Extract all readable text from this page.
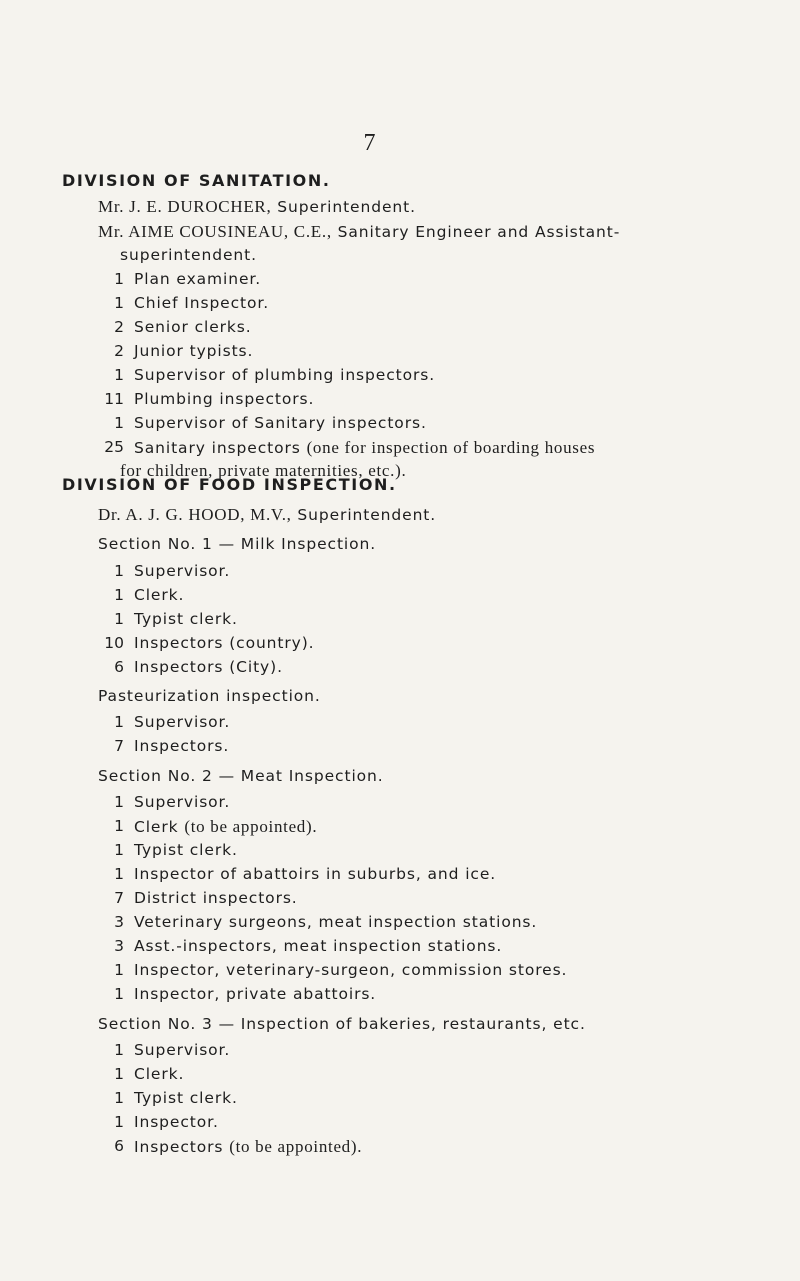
7
DIVISION OF SANITATION.
Mr. J. E. DUROCHER, Superintendent.
Mr. AIME COUSINEAU, C.E., Sanitary Engineer and Assistant-
superintendent.
1 Plan examiner.
1 Chief Inspector.
2 Senior clerks.
2 Junior typists.
1 Supervisor of plumbing inspectors.
11 Plumbing inspectors.
1 Supervisor of Sanitary inspectors.
25 Sanitary inspectors (one for inspection of boarding houses
for children, private maternities, etc.).
DIVISION OF FOOD INSPECTION.
Dr. A. J. G. HOOD, M.V., Superintendent.
Section No. 1 — Milk Inspection.
1 Supervisor.
1 Clerk.
1 Typist clerk.
10 Inspectors (country).
6 Inspectors (City).
Pasteurization inspection.
1 Supervisor.
7 Inspectors.
Section No. 2 — Meat Inspection.
1 Supervisor.
1 Clerk (to be appointed).
1 Typist clerk.
1 Inspector of abattoirs in suburbs, and ice.
7 District inspectors.
3 Veterinary surgeons, meat inspection stations.
3 Asst.-inspectors, meat inspection stations.
1 Inspector, veterinary-surgeon, commission stores.
1 Inspector, private abattoirs.
Section No. 3 — Inspection of bakeries, restaurants, etc.
1 Supervisor.
1 Clerk.
1 Typist clerk.
1 Inspector.
6 Inspectors (to be appointed).
